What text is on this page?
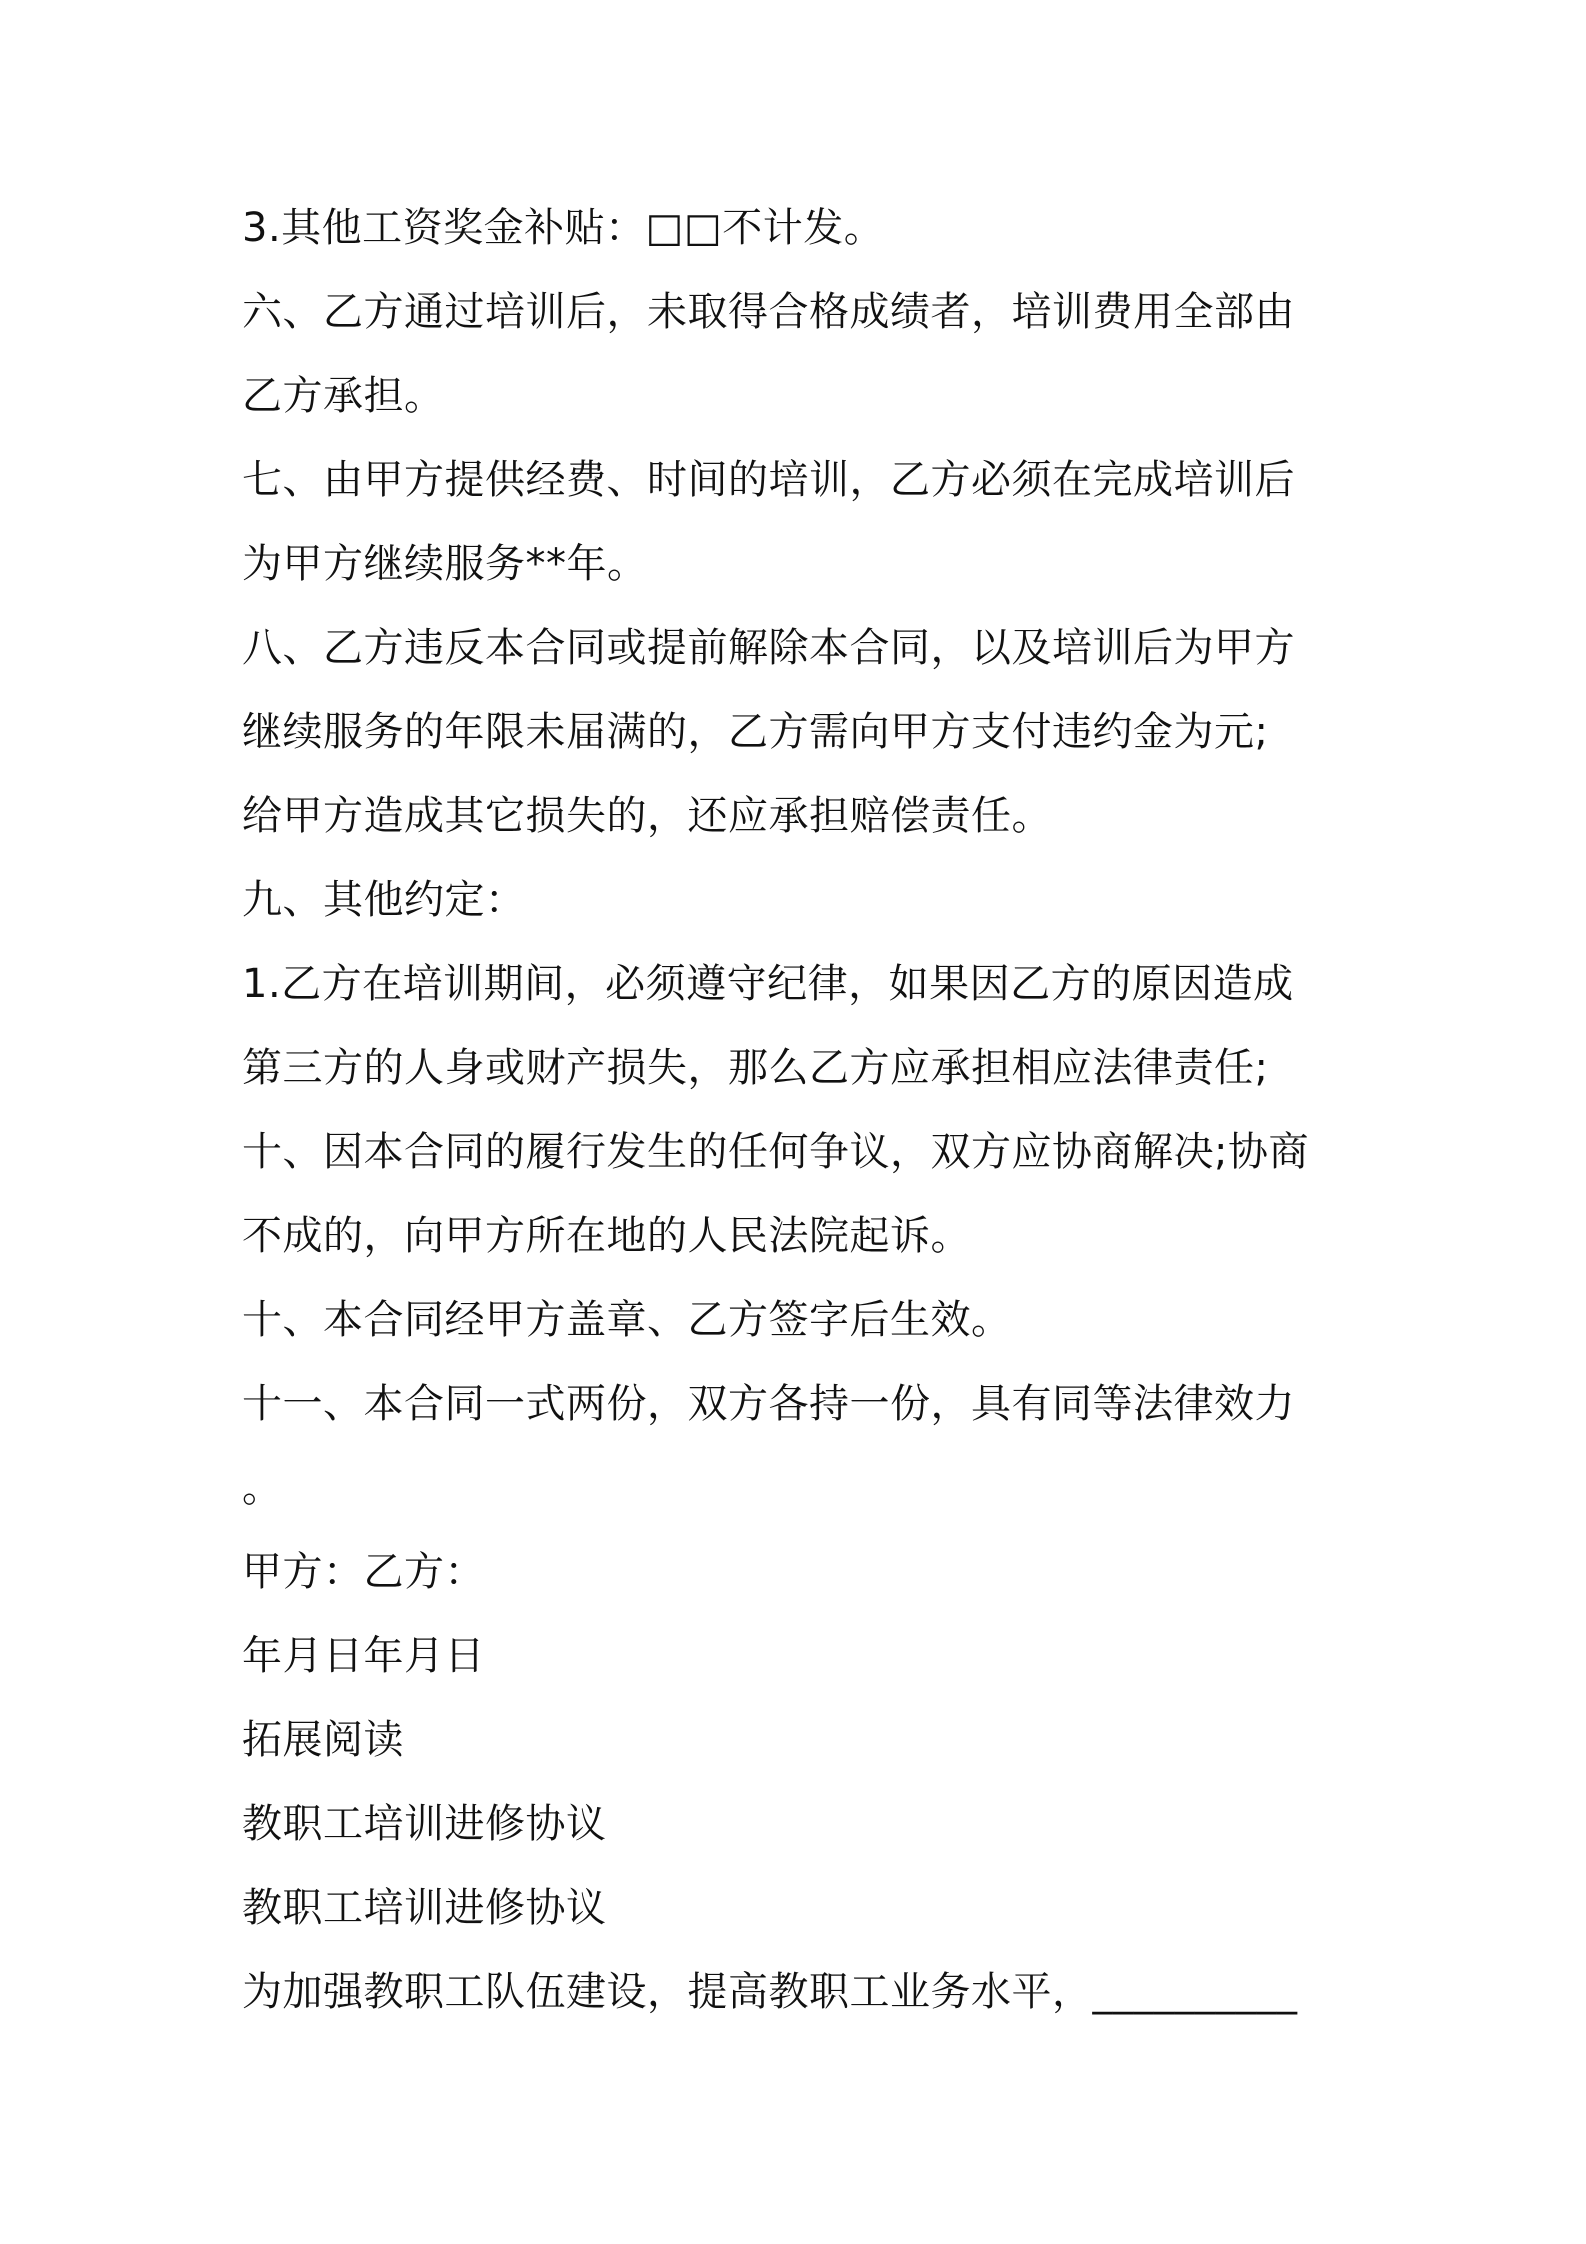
3.其他工资奖金补贴：□□不计发。
六、乙方通过培训后，未取得合格成绩者，培训费用全部由
乙方承担。
七、由甲方提供经费、时间的培训，乙方必须在完成培训后
为甲方继续服务**年。
八、乙方违反本合同或提前解除本合同，以及培训后为甲方
继续服务的年限未届满的，乙方需向甲方支付违约金为元;
给甲方造成其它损失的，还应承担赔偿责任。
九、其他约定：
1.乙方在培训期间，必须遵守纪律，如果因乙方的原因造成
第三方的人身或财产损失，那么乙方应承担相应法律责任;
十、因本合同的履行发生的任何争议，双方应协商解决;协商
不成的，向甲方所在地的人民法院起诉。
十、本合同经甲方盖章、乙方签字后生效。
十一、本合同一式两份，双方各持一份，具有同等法律效力
。
甲方：乙方：
年月日年月日
拓展阅读
教职工培训进修协议
教职工培训进修协议
为加强教职工队伍建设，提高教职工业务水平，__________
